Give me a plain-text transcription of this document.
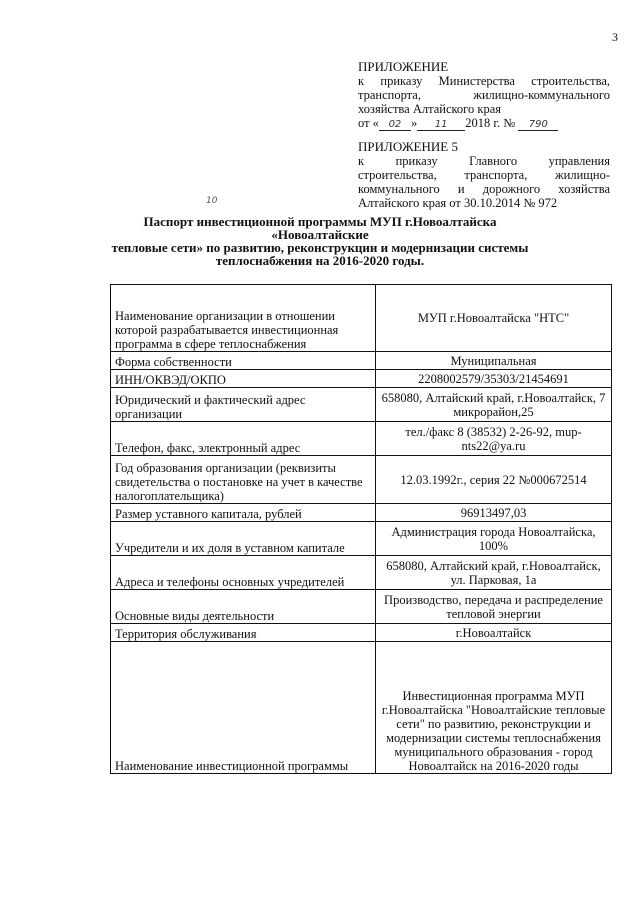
3
ПРИЛОЖЕНИЕ
к приказу Министерства строительства,
транспорта, жилищно-коммунального
хозяйства Алтайского края
от « 02 » 11 2018 г. № 790
ПРИЛОЖЕНИЕ 5
к приказу Главного управления
строительства, транспорта, жилищно-
коммунального и дорожного хозяйства
Алтайского края от 30.10.2014 № 972
10
Паспорт инвестиционной программы МУП г.Новоалтайска
«Новоалтайские
тепловые сети» по развитию, реконструкции и модернизации системы
теплоснабжения на 2016-2020 годы.
Наименование организации в отношении которой разрабатывается инвестиционная программа в сфере теплоснабжения	МУП г.Новоалтайска "НТС"
Форма собственности	Муниципальная
ИНН/ОКВЭД/ОКПО	2208002579/35303/21454691
Юридический и фактический адрес организации	658080, Алтайский край, г.Новоалтайск, 7 микрорайон,25
Телефон, факс, электронный адрес	тел./факс 8 (38532) 2-26-92, mup-nts22@ya.ru
Год образования организации (реквизиты свидетельства о постановке на учет в качестве налогоплательщика)	12.03.1992г., серия 22 №000672514
Размер уставного капитала, рублей	96913497,03
Учредители и их доля в уставном капитале	Администрация города Новоалтайска, 100%
Адреса и телефоны основных учредителей	658080, Алтайский край, г.Новоалтайск, ул. Парковая, 1а
Основные виды деятельности	Производство, передача и распределение тепловой энергии
Территория обслуживания	г.Новоалтайск
Наименование инвестиционной программы	Инвестиционная программа МУП г.Новоалтайска "Новоалтайские тепловые сети" по развитию, реконструкции и модернизации системы теплоснабжения муниципального образования - город Новоалтайск на 2016-2020 годы
